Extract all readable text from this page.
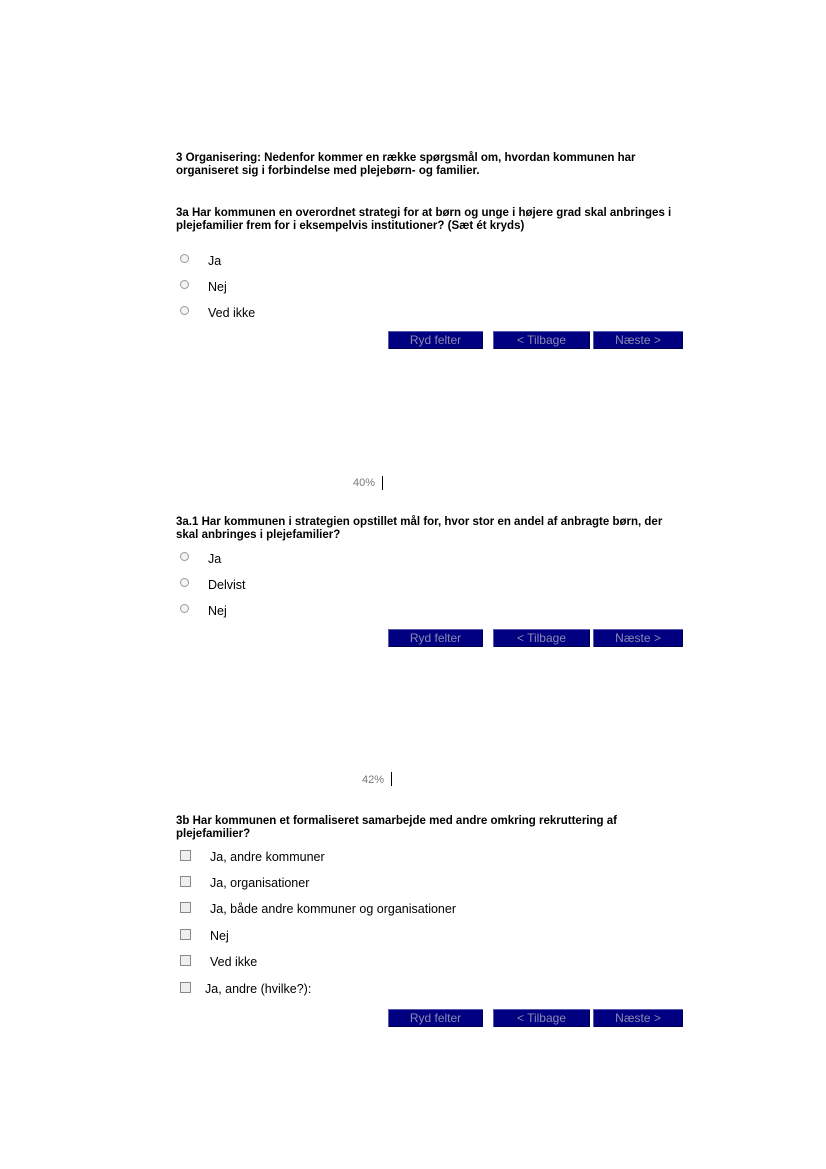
3 Organisering: Nedenfor kommer en række spørgsmål om, hvordan kommunen har organiseret sig i forbindelse med plejebørn- og familier.
3a Har kommunen en overordnet strategi for at børn og unge i højere grad skal anbringes i plejefamilier frem for i eksempelvis institutioner? (Sæt ét kryds)
Ja
Nej
Ved ikke
Ryd felter	< Tilbage	Næste >
40%
3a.1 Har kommunen i strategien opstillet mål for, hvor stor en andel af anbragte børn, der skal anbringes i plejefamilier?
Ja
Delvist
Nej
Ryd felter	< Tilbage	Næste >
42%
3b Har kommunen et formaliseret samarbejde med andre omkring rekruttering af plejefamilier?
Ja, andre kommuner
Ja, organisationer
Ja, både andre kommuner og organisationer
Nej
Ved ikke
Ja, andre (hvilke?):
Ryd felter	< Tilbage	Næste >
